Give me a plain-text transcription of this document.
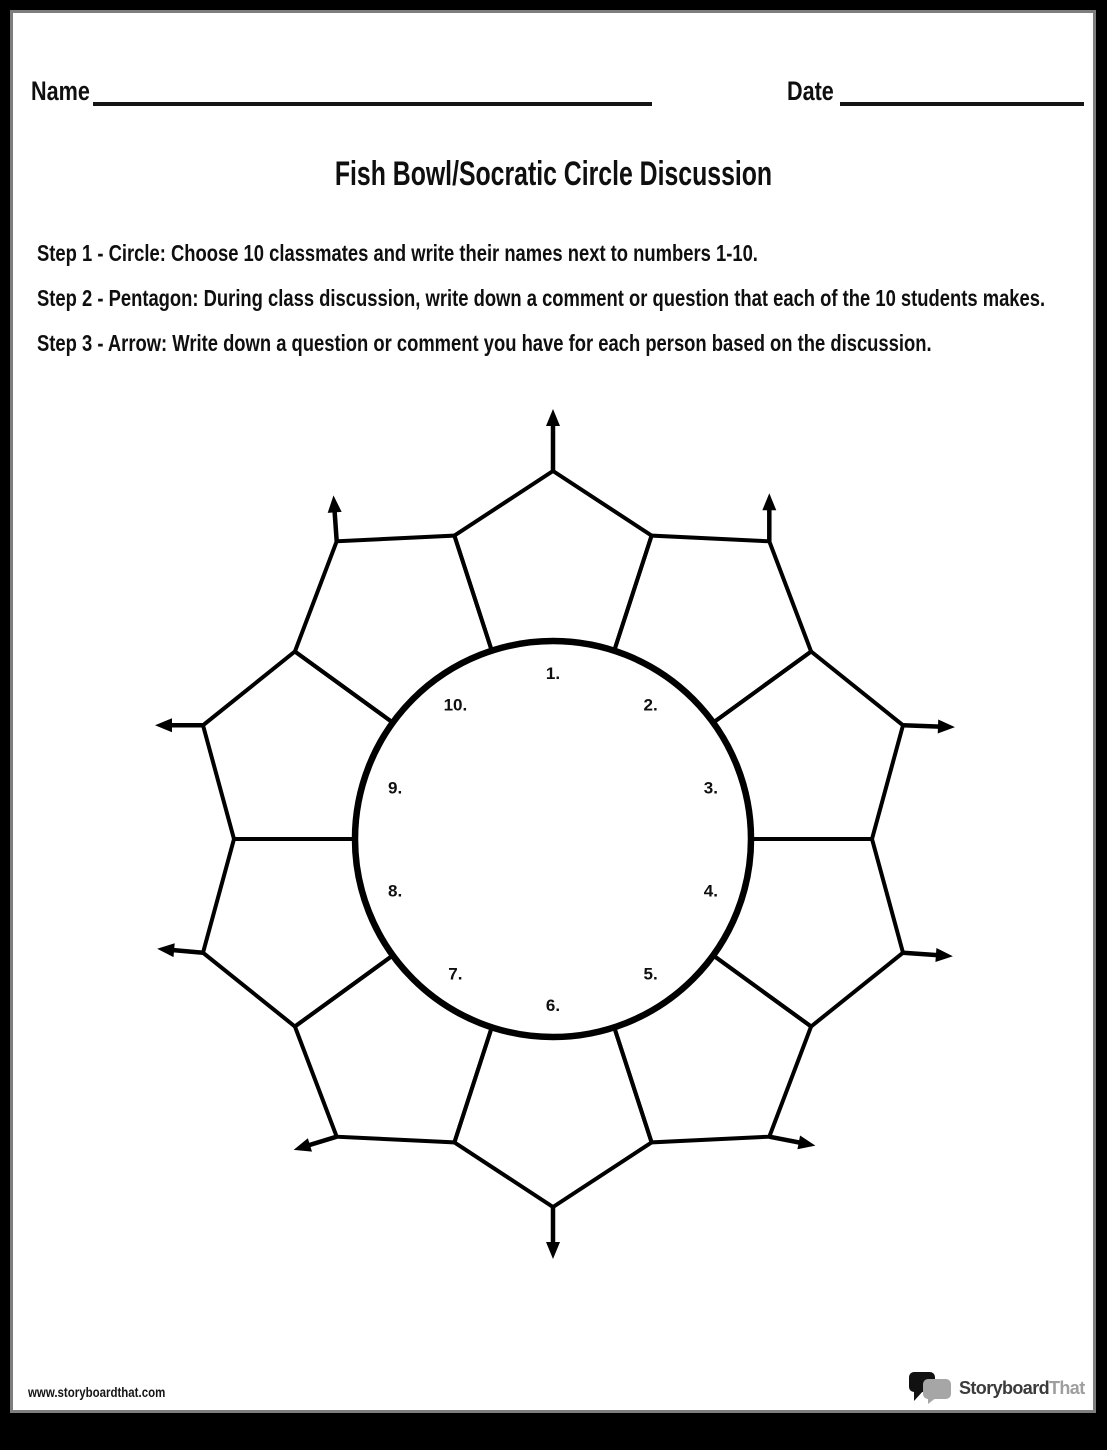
Name	Date
Fish Bowl/Socratic Circle Discussion

Step 1 - Circle: Choose 10 classmates and write their names next to numbers 1-10.

Step 2 - Pentagon: During class discussion, write down a comment or question that each of the 10 students makes.

Step 3 - Arrow: Write down a question or comment you have for each person based on the discussion.

1.
2.
3.
4.
5.
6.
7.
8.
9.
10.
www.storyboardthat.com	StoryboardThat
